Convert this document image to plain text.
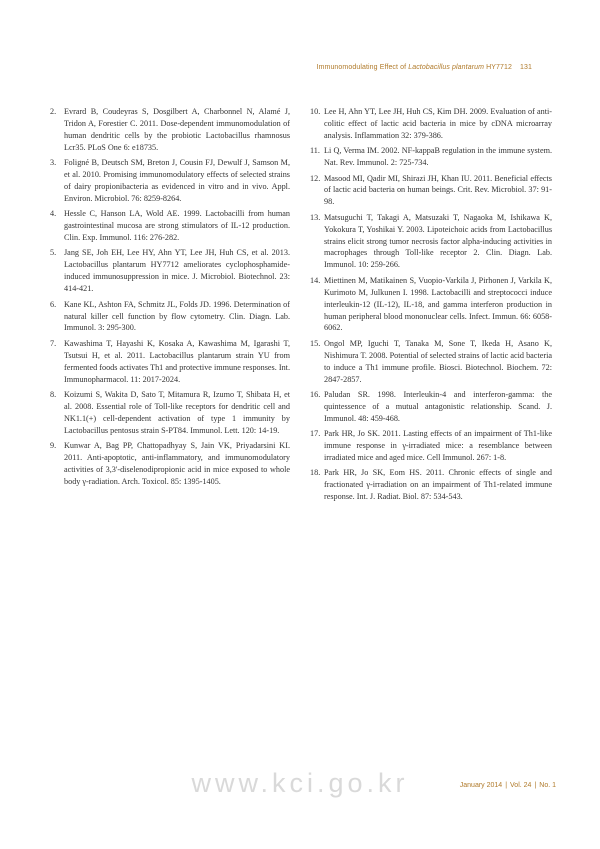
Immunomodulating Effect of Lactobacillus plantarum HY7712 131
2. Evrard B, Coudeyras S, Dosgilbert A, Charbonnel N, Alamé J, Tridon A, Forestier C. 2011. Dose-dependent immunomodulation of human dendritic cells by the probiotic Lactobacillus rhamnosus Lcr35. PLoS One 6: e18735.
3. Foligné B, Deutsch SM, Breton J, Cousin FJ, Dewulf J, Samson M, et al. 2010. Promising immunomodulatory effects of selected strains of dairy propionibacteria as evidenced in vitro and in vivo. Appl. Environ. Microbiol. 76: 8259-8264.
4. Hessle C, Hanson LA, Wold AE. 1999. Lactobacilli from human gastrointestinal mucosa are strong stimulators of IL-12 production. Clin. Exp. Immunol. 116: 276-282.
5. Jang SE, Joh EH, Lee HY, Ahn YT, Lee JH, Huh CS, et al. 2013. Lactobacillus plantarum HY7712 ameliorates cyclophosphamide-induced immunosuppression in mice. J. Microbiol. Biotechnol. 23: 414-421.
6. Kane KL, Ashton FA, Schmitz JL, Folds JD. 1996. Determination of natural killer cell function by flow cytometry. Clin. Diagn. Lab. Immunol. 3: 295-300.
7. Kawashima T, Hayashi K, Kosaka A, Kawashima M, Igarashi T, Tsutsui H, et al. 2011. Lactobacillus plantarum strain YU from fermented foods activates Th1 and protective immune responses. Int. Immunopharmacol. 11: 2017-2024.
8. Koizumi S, Wakita D, Sato T, Mitamura R, Izumo T, Shibata H, et al. 2008. Essential role of Toll-like receptors for dendritic cell and NK1.1(+) cell-dependent activation of type 1 immunity by Lactobacillus pentosus strain S-PT84. Immunol. Lett. 120: 14-19.
9. Kunwar A, Bag PP, Chattopadhyay S, Jain VK, Priyadarsini KI. 2011. Anti-apoptotic, anti-inflammatory, and immunomodulatory activities of 3,3'-diselenodipropionic acid in mice exposed to whole body γ-radiation. Arch. Toxicol. 85: 1395-1405.
10. Lee H, Ahn YT, Lee JH, Huh CS, Kim DH. 2009. Evaluation of anti-colitic effect of lactic acid bacteria in mice by cDNA microarray analysis. Inflammation 32: 379-386.
11. Li Q, Verma IM. 2002. NF-kappaB regulation in the immune system. Nat. Rev. Immunol. 2: 725-734.
12. Masood MI, Qadir MI, Shirazi JH, Khan IU. 2011. Beneficial effects of lactic acid bacteria on human beings. Crit. Rev. Microbiol. 37: 91-98.
13. Matsuguchi T, Takagi A, Matsuzaki T, Nagaoka M, Ishikawa K, Yokokura T, Yoshikai Y. 2003. Lipoteichoic acids from Lactobacillus strains elicit strong tumor necrosis factor alpha-inducing activities in macrophages through Toll-like receptor 2. Clin. Diagn. Lab. Immunol. 10: 259-266.
14. Miettinen M, Matikainen S, Vuopio-Varkila J, Pirhonen J, Varkila K, Kurimoto M, Julkunen I. 1998. Lactobacilli and streptococci induce interleukin-12 (IL-12), IL-18, and gamma interferon production in human peripheral blood mononuclear cells. Infect. Immun. 66: 6058-6062.
15. Ongol MP, Iguchi T, Tanaka M, Sone T, Ikeda H, Asano K, Nishimura T. 2008. Potential of selected strains of lactic acid bacteria to induce a Th1 immune profile. Biosci. Biotechnol. Biochem. 72: 2847-2857.
16. Paludan SR. 1998. Interleukin-4 and interferon-gamma: the quintessence of a mutual antagonistic relationship. Scand. J. Immunol. 48: 459-468.
17. Park HR, Jo SK. 2011. Lasting effects of an impairment of Th1-like immune response in γ-irradiated mice: a resemblance between irradiated mice and aged mice. Cell Immunol. 267: 1-8.
18. Park HR, Jo SK, Eom HS. 2011. Chronic effects of single and fractionated γ-irradiation on an impairment of Th1-related immune response. Int. J. Radiat. Biol. 87: 534-543.
www.kci.go.kr	January 2014 | Vol. 24 | No. 1
